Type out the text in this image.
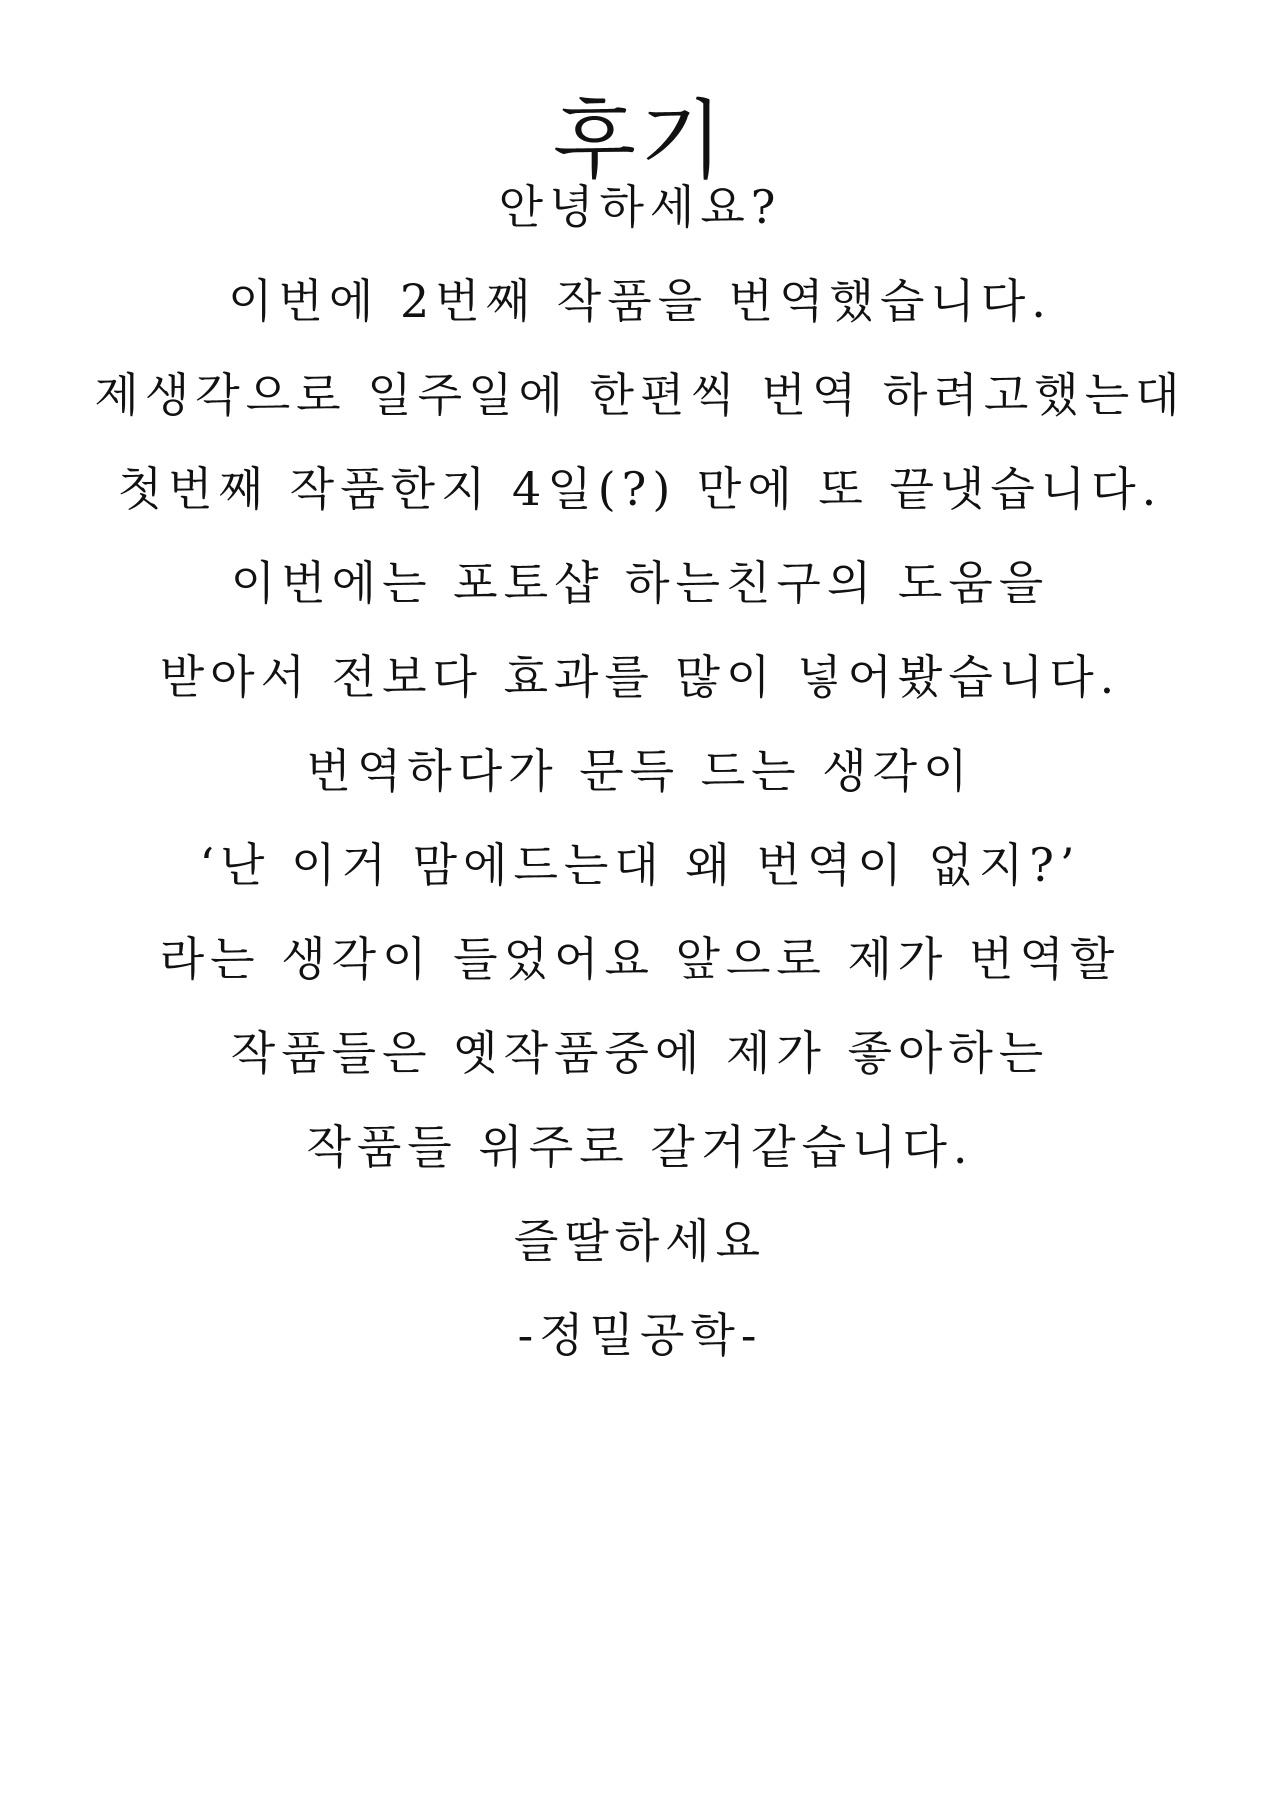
후기
안녕하세요?
이번에 2번째 작품을 번역했습니다.
제생각으로 일주일에 한편씩 번역 하려고했는대
첫번째 작품한지 4일(?) 만에 또 끝냇습니다.
이번에는 포토샵 하는친구의 도움을
받아서 전보다 효과를 많이 넣어봤습니다.
번역하다가 문득 드는 생각이
‘난 이거 맘에드는대 왜 번역이 없지?’
라는 생각이 들었어요 앞으로 제가 번역할
작품들은 옛작품중에 제가 좋아하는
작품들 위주로 갈거같습니다.
즐딸하세요
-정밀공학-
